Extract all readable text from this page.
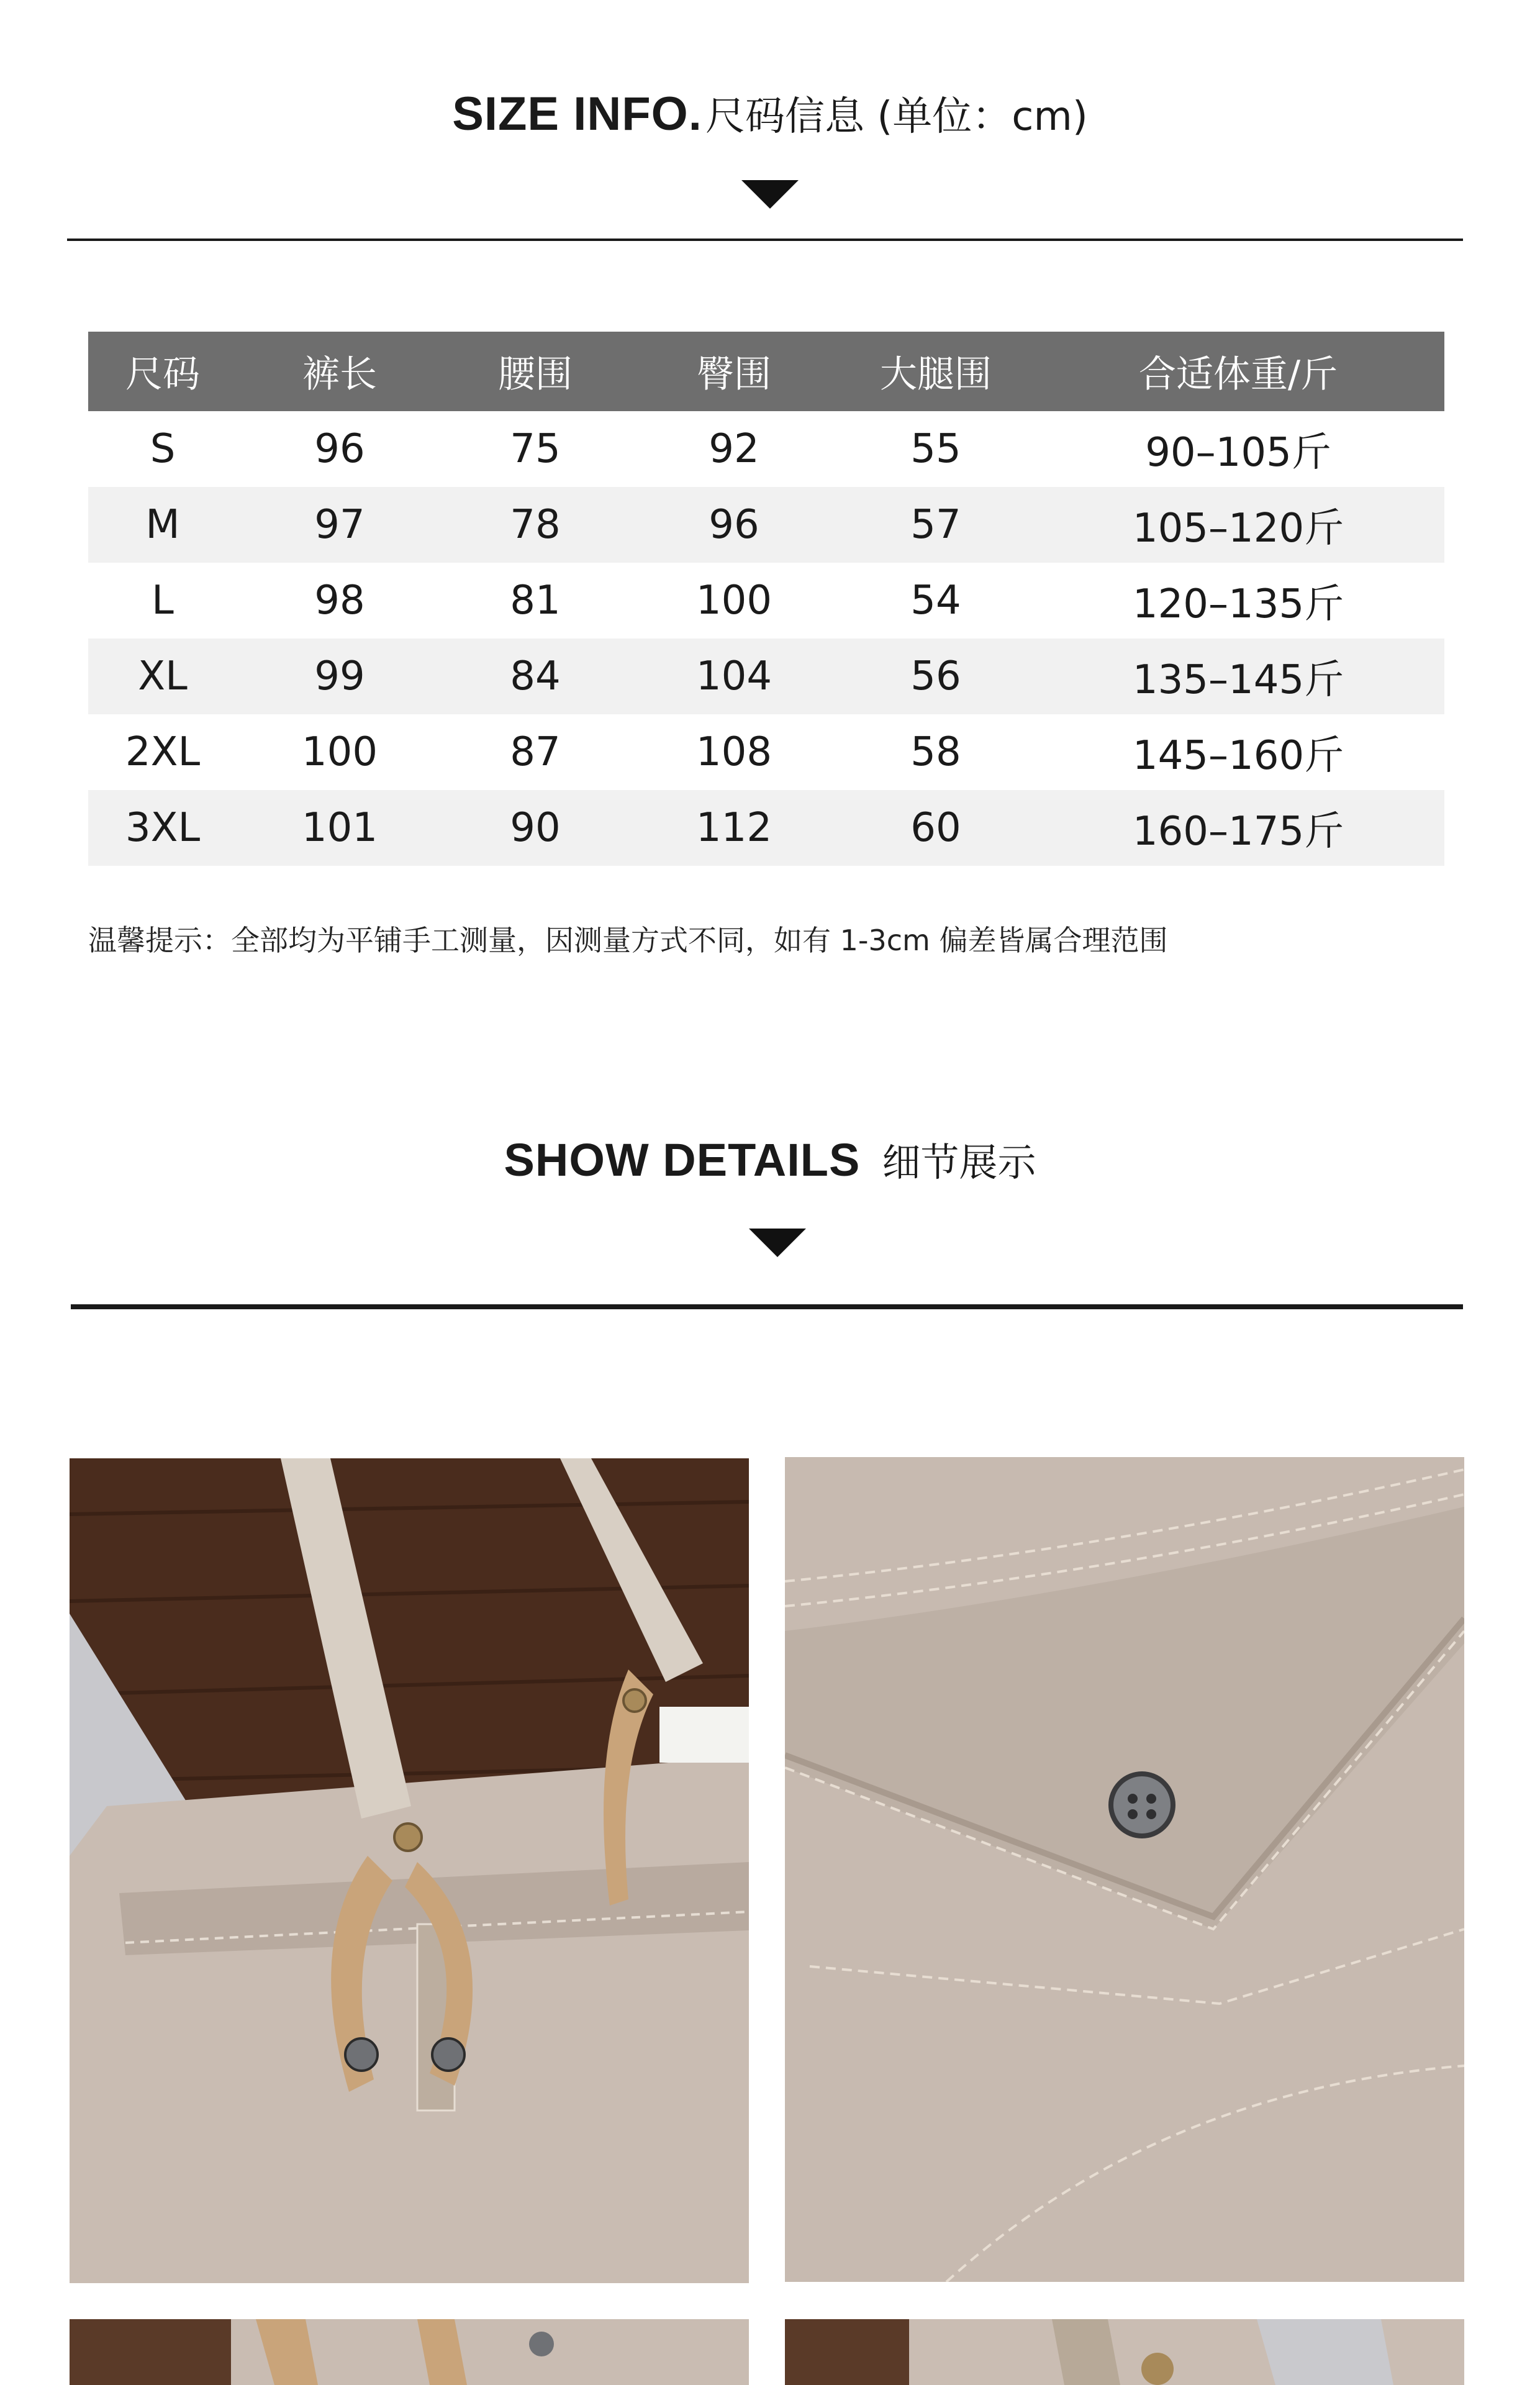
SIZE INFO. 尺码信息 (单位：cm)
尺码	裤长	腰围	臀围	大腿围	合适体重/斤
S	96	75	92	55	90–105斤
M	97	78	96	57	105–120斤
L	98	81	100	54	120–135斤
XL	99	84	104	56	135–145斤
2XL	100	87	108	58	145–160斤
3XL	101	90	112	60	160–175斤
温馨提示：全部均为平铺手工测量，因测量方式不同，如有 1-3cm 偏差皆属合理范围
SHOW DETAILS 细节展示
